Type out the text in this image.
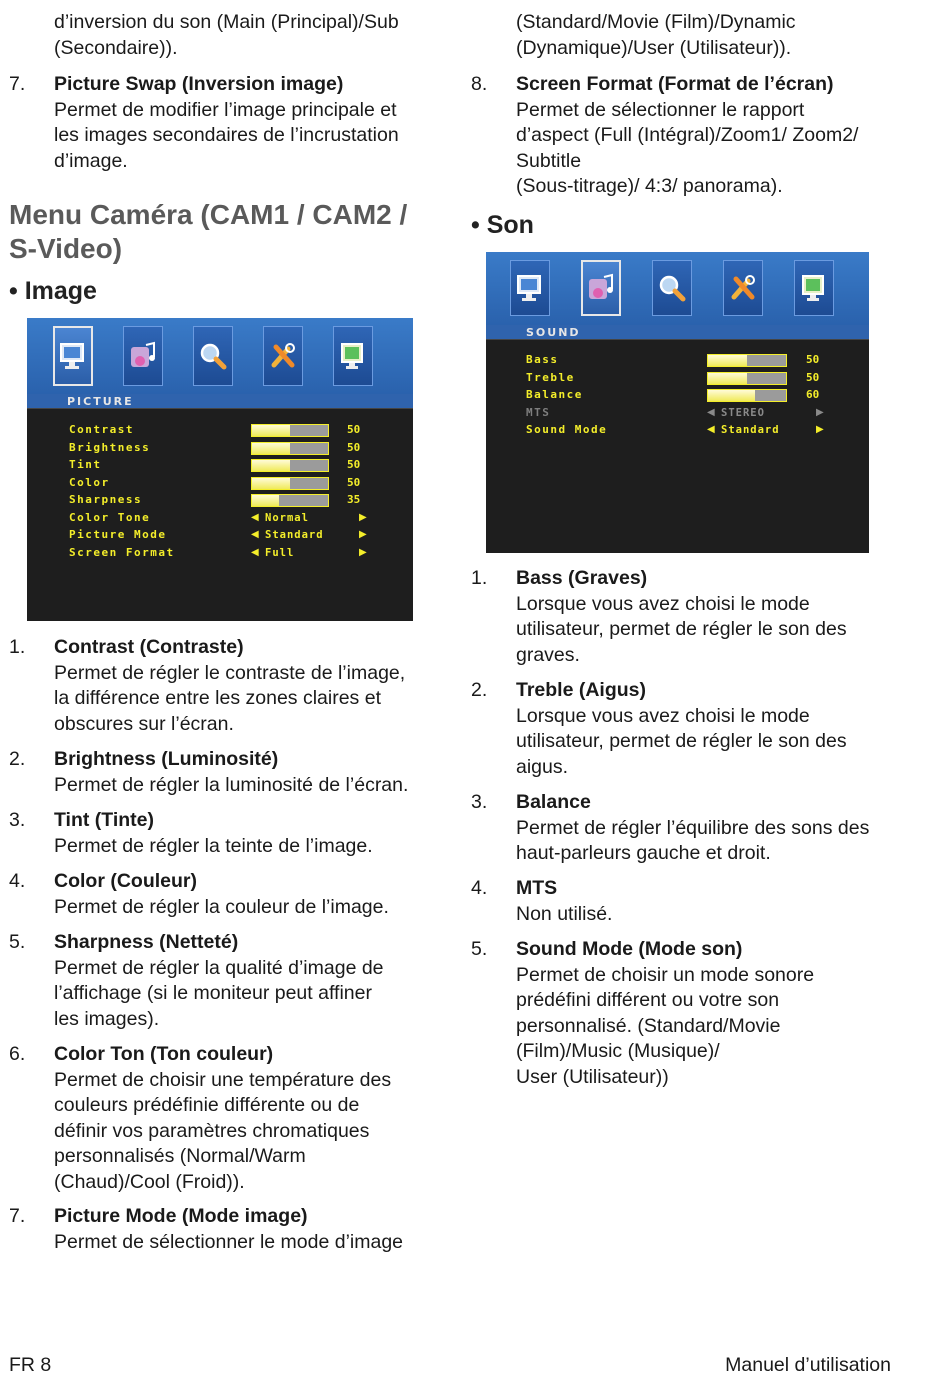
d’inversion du son (Main (Principal)/Sub
(Secondaire)).
7.	Picture Swap (Inversion image)
Permet de modifier l’image principale et
les images secondaires de l’incrustation
d’image.
Menu Caméra (CAM1 / CAM2 /
S-Video)
• Image
PICTURE
Contrast	50
Brightness	50
Tint	50
Color	50
Sharpness	35
Color Tone	◀ Normal	▶
Picture Mode	◀ Standard	▶
Screen Format	◀ Full	▶
1.	Contrast (Contraste)
Permet de régler le contraste de l’image,
la différence entre les zones claires et
obscures sur l’écran.
2.	Brightness (Luminosité)
Permet de régler la luminosité de l’écran.
3.	Tint (Tinte)
Permet de régler la teinte de l’image.
4.	Color (Couleur)
Permet de régler la couleur de l’image.
5.	Sharpness (Netteté)
Permet de régler la qualité d’image de
l’affichage (si le moniteur peut affiner
les images).
6.	Color Ton (Ton couleur)
Permet de choisir une température des
couleurs prédéfinie différente ou de
définir vos paramètres chromatiques
personnalisés (Normal/Warm
(Chaud)/Cool (Froid)).
7.	Picture Mode (Mode image)
Permet de sélectionner le mode d’image
(Standard/Movie (Film)/Dynamic
(Dynamique)/User (Utilisateur)).
8.	Screen Format (Format de l’écran)
Permet de sélectionner le rapport
d’aspect (Full (Intégral)/Zoom1/ Zoom2/
Subtitle
(Sous-titrage)/ 4:3/ panorama).
• Son
SOUND
Bass	50
Treble	50
Balance	60
MTS	◀ STEREO	▶
Sound Mode	◀ Standard	▶
1.	Bass (Graves)
Lorsque vous avez choisi le mode
utilisateur, permet de régler le son des
graves.
2.	Treble (Aigus)
Lorsque vous avez choisi le mode
utilisateur, permet de régler le son des
aigus.
3.	Balance
Permet de régler l’équilibre des sons des
haut-parleurs gauche et droit.
4.	MTS
Non utilisé.
5.	Sound Mode (Mode son)
Permet de choisir un mode sonore
prédéfini différent ou votre son
personnalisé. (Standard/Movie
(Film)/Music (Musique)/
User (Utilisateur))
FR 8	Manuel d’utilisation
